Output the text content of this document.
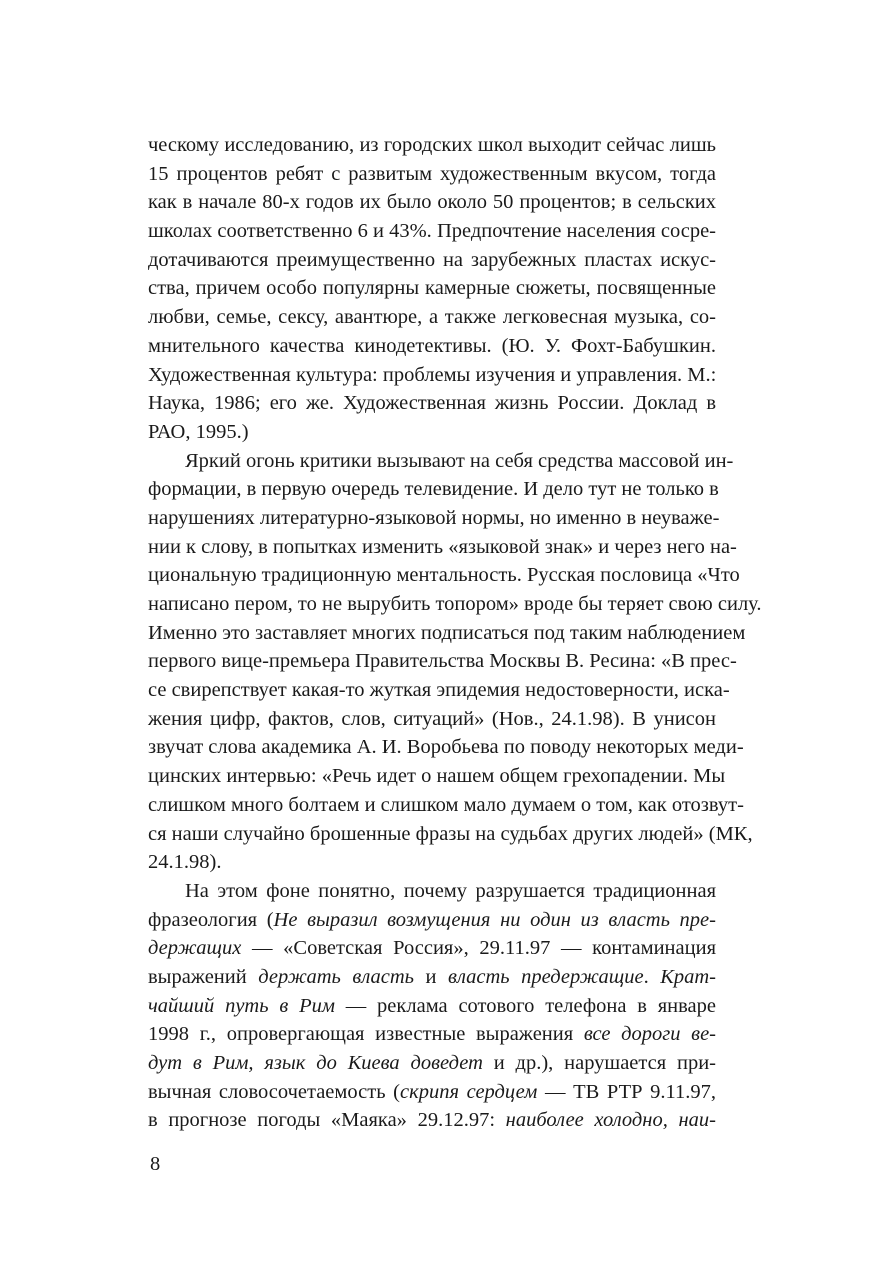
ческому исследованию, из городских школ выходит сейчас лишь
15 процентов ребят с развитым художественным вкусом, тогда
как в начале 80-х годов их было около 50 процентов; в сельских
школах соответственно 6 и 43%. Предпочтение населения сосре-
дотачиваются преимущественно на зарубежных пластах искус-
ства, причем особо популярны камерные сюжеты, посвященные
любви, семье, сексу, авантюре, а также легковесная музыка, со-
мнительного качества кинодетективы. (Ю. У. Фохт-Бабушкин.
Художественная культура: проблемы изучения и управления. М.:
Наука, 1986; его же. Художественная жизнь России. Доклад в
РАО, 1995.)
Яркий огонь критики вызывают на себя средства массовой ин-
формации, в первую очередь телевидение. И дело тут не только в
нарушениях литературно-языковой нормы, но именно в неуваже-
нии к слову, в попытках изменить «языковой знак» и через него на-
циональную традиционную ментальность. Русская пословица «Что
написано пером, то не вырубить топором» вроде бы теряет свою силу.
Именно это заставляет многих подписаться под таким наблюдением
первого вице-премьера Правительства Москвы В. Ресина: «В прес-
се свирепствует какая-то жуткая эпидемия недостоверности, иска-
жения цифр, фактов, слов, ситуаций» (Нов., 24.1.98). В унисон
звучат слова академика А. И. Воробьева по поводу некоторых меди-
цинских интервью: «Речь идет о нашем общем грехопадении. Мы
слишком много болтаем и слишком мало думаем о том, как отозвут-
ся наши случайно брошенные фразы на судьбах других людей» (МК,
24.1.98).
На этом фоне понятно, почему разрушается традиционная
фразеология (Не выразил возмущения ни один из власть пре-
держащих — «Советская Россия», 29.11.97 — контаминация
выражений держать власть и власть предержащие. Крат-
чайший путь в Рим — реклама сотового телефона в январе
1998 г., опровергающая известные выражения все дороги ве-
дут в Рим, язык до Киева доведет и др.), нарушается при-
вычная словосочетаемость (скрипя сердцем — ТВ РТР 9.11.97,
в прогнозе погоды «Маяка» 29.12.97: наиболее холодно, наи-
8
